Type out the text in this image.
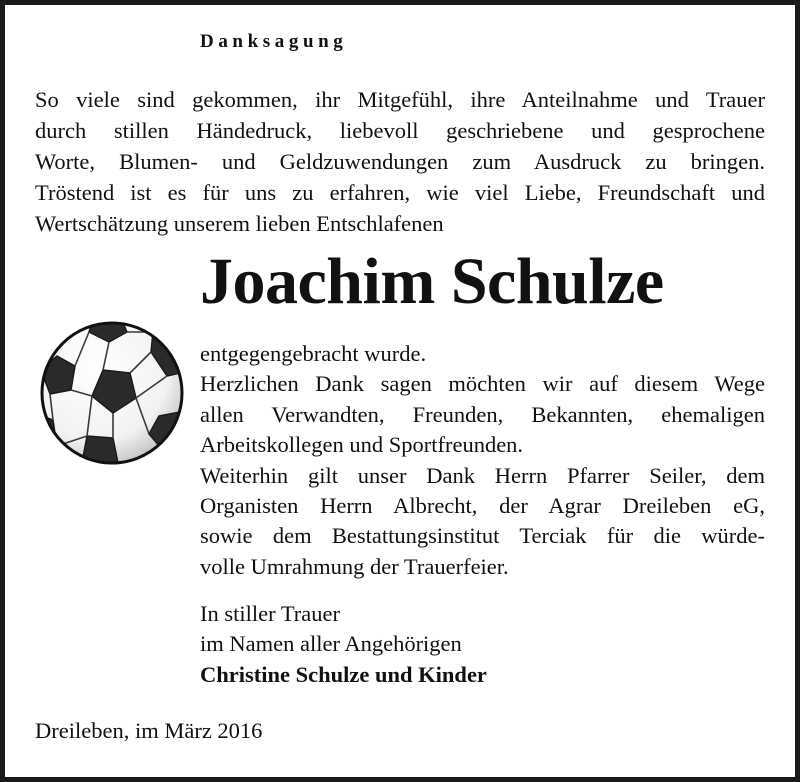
Danksagung
So viele sind gekommen, ihr Mitgefühl, ihre Anteilnahme und Trauer
durch stillen Händedruck, liebevoll geschriebene und gesprochene
Worte, Blumen- und Geldzuwendungen zum Ausdruck zu bringen.
Tröstend ist es für uns zu erfahren, wie viel Liebe, Freundschaft und
Wertschätzung unserem lieben Entschlafenen
Joachim Schulze
entgegengebracht wurde.
Herzlichen Dank sagen möchten wir auf diesem Wege
allen Verwandten, Freunden, Bekannten, ehemaligen
Arbeitskollegen und Sportfreunden.
Weiterhin gilt unser Dank Herrn Pfarrer Seiler, dem
Organisten Herrn Albrecht, der Agrar Dreileben eG,
sowie dem Bestattungsinstitut Terciak für die würde-
volle Umrahmung der Trauerfeier.
In stiller Trauer
im Namen aller Angehörigen
Christine Schulze und Kinder
Dreileben, im März 2016
